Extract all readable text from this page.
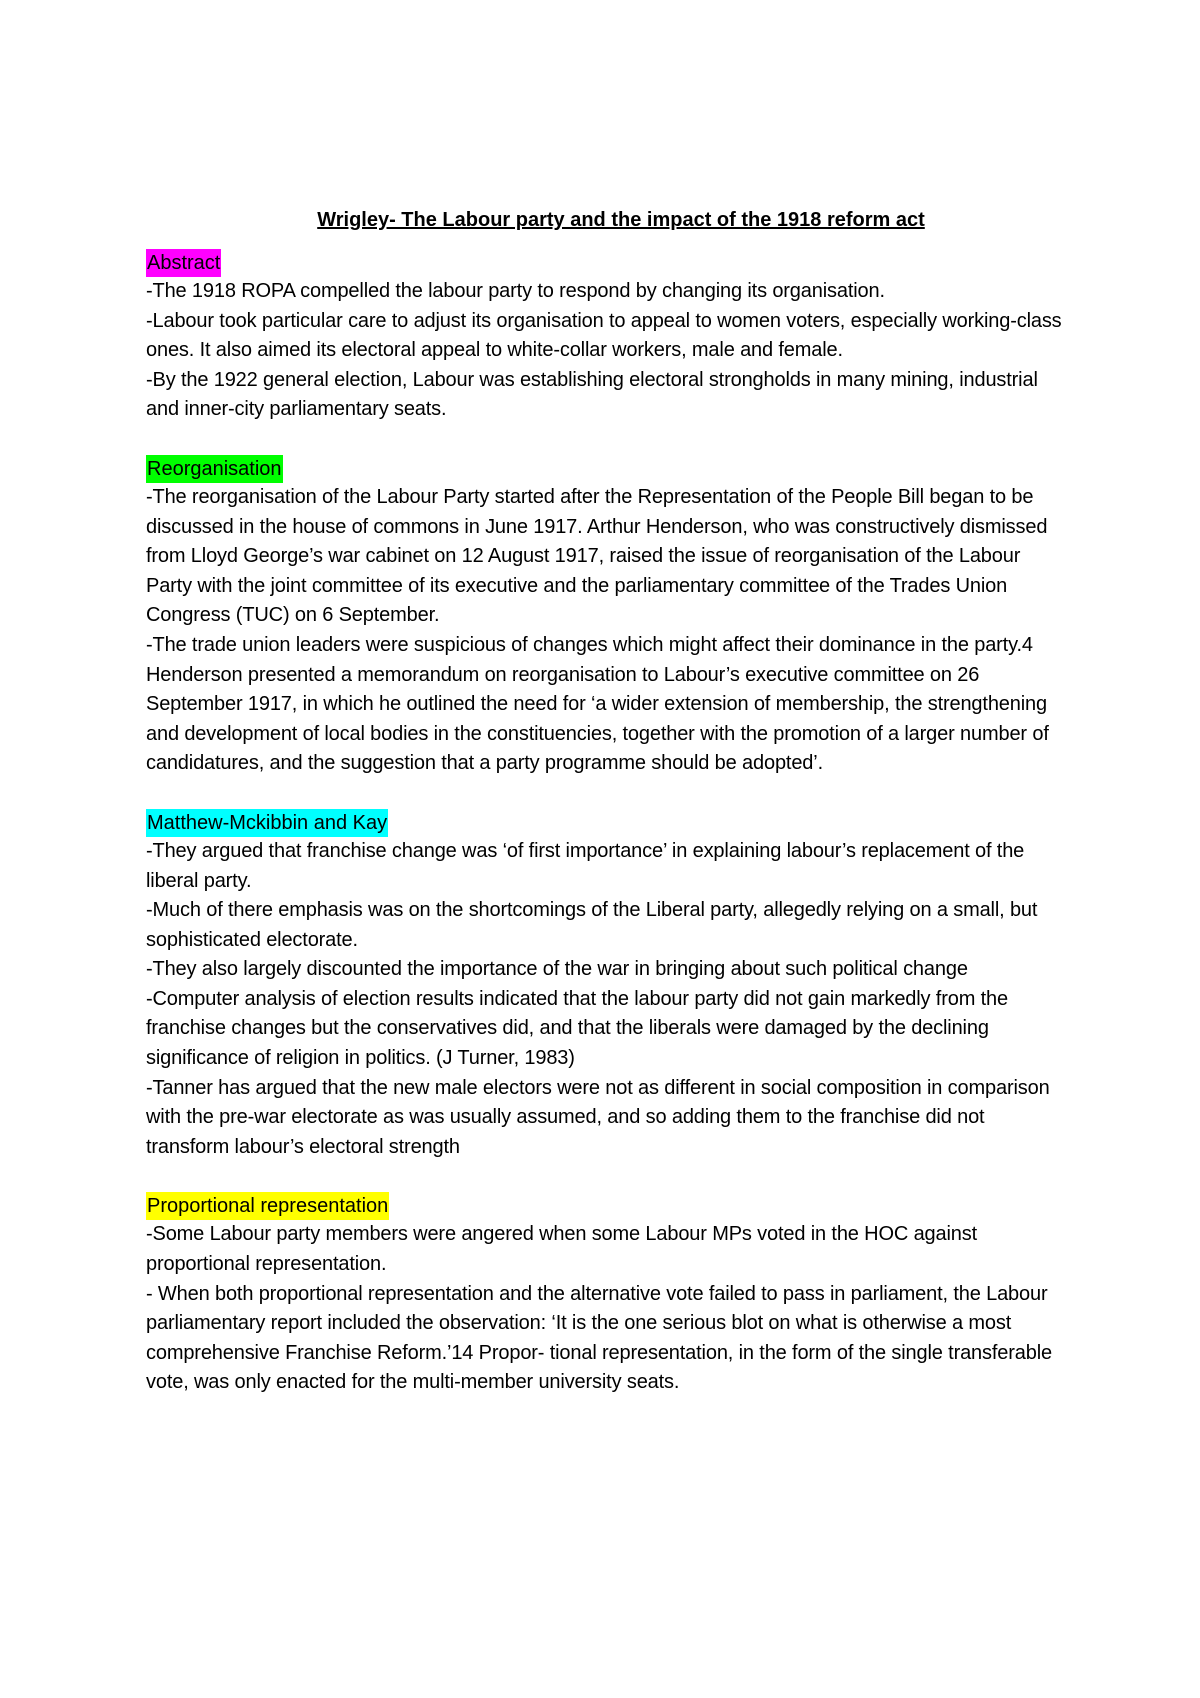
Wrigley- The Labour party and the impact of the 1918 reform act
Abstract

-The 1918 ROPA compelled the labour party to respond by changing its organisation.

-Labour took particular care to adjust its organisation to appeal to women voters, especially working-class ones. It also aimed its electoral appeal to white-collar workers, male and female.

-By the 1922 general election, Labour was establishing electoral strongholds in many mining, industrial and inner-city parliamentary seats.

Reorganisation

-The reorganisation of the Labour Party started after the Representation of the People Bill began to be discussed in the house of commons in June 1917. Arthur Henderson, who was constructively dismissed from Lloyd George’s war cabinet on 12 August 1917, raised the issue of reorganisation of the Labour Party with the joint committee of its executive and the parliamentary committee of the Trades Union Congress (TUC) on 6 September.

-The trade union leaders were suspicious of changes which might affect their dominance in the party.4 Henderson presented a memorandum on reorganisation to Labour’s executive committee on 26 September 1917, in which he outlined the need for ‘a wider extension of membership, the strengthening and development of local bodies in the constituencies, together with the promotion of a larger number of candidatures, and the suggestion that a party programme should be adopted’.

Matthew-Mckibbin and Kay

-They argued that franchise change was ‘of first importance’ in explaining labour’s replacement of the liberal party.

-Much of there emphasis was on the shortcomings of the Liberal party, allegedly relying on a small, but sophisticated electorate.

-They also largely discounted the importance of the war in bringing about such political change

-Computer analysis of election results indicated that the labour party did not gain markedly from the franchise changes but the conservatives did, and that the liberals were damaged by the declining significance of religion in politics. (J Turner, 1983)

-Tanner has argued that the new male electors were not as different in social composition in comparison with the pre-war electorate as was usually assumed, and so adding them to the franchise did not transform labour’s electoral strength

Proportional representation

-Some Labour party members were angered when some Labour MPs voted in the HOC against proportional representation.

- When both proportional representation and the alternative vote failed to pass in parliament, the Labour parliamentary report included the observation: ‘It is the one serious blot on what is otherwise a most comprehensive Franchise Reform.’14 Propor- tional representation, in the form of the single transferable vote, was only enacted for the multi-member university seats.
